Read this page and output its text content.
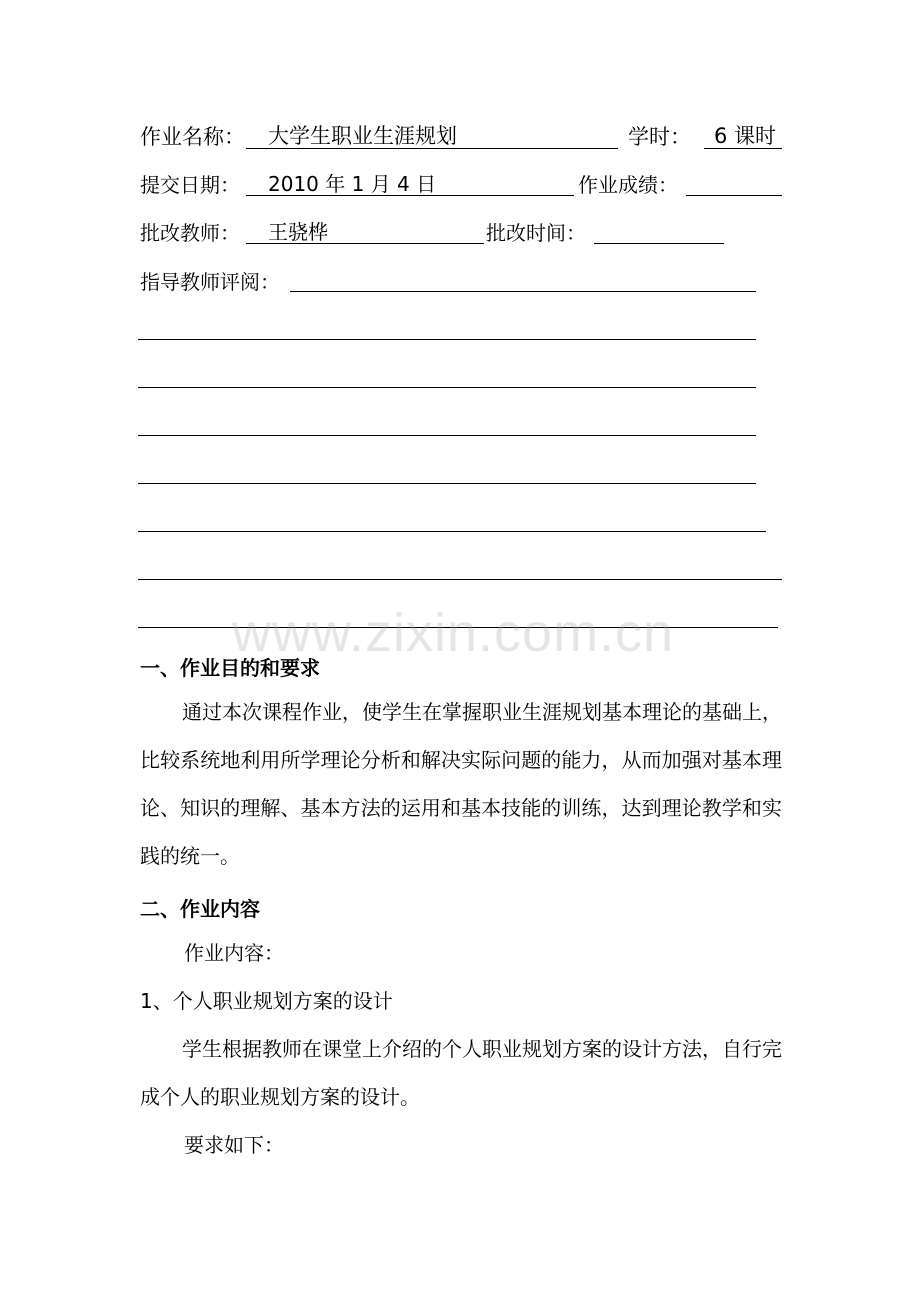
作业名称： 大学生职业生涯规划	学时： 6 课时
提交日期： 2010 年 1 月 4 日	作业成绩：
批改教师： 王骁桦	批改时间：
指导教师评阅：
www.zixin.com.cn
一、作业目的和要求
通过本次课程作业，使学生在掌握职业生涯规划基本理论的基础上，比较系统地利用所学理论分析和解决实际问题的能力，从而加强对基本理论、知识的理解、基本方法的运用和基本技能的训练，达到理论教学和实践的统一。
二、作业内容
作业内容：
1、个人职业规划方案的设计
学生根据教师在课堂上介绍的个人职业规划方案的设计方法，自行完成个人的职业规划方案的设计。
要求如下：
